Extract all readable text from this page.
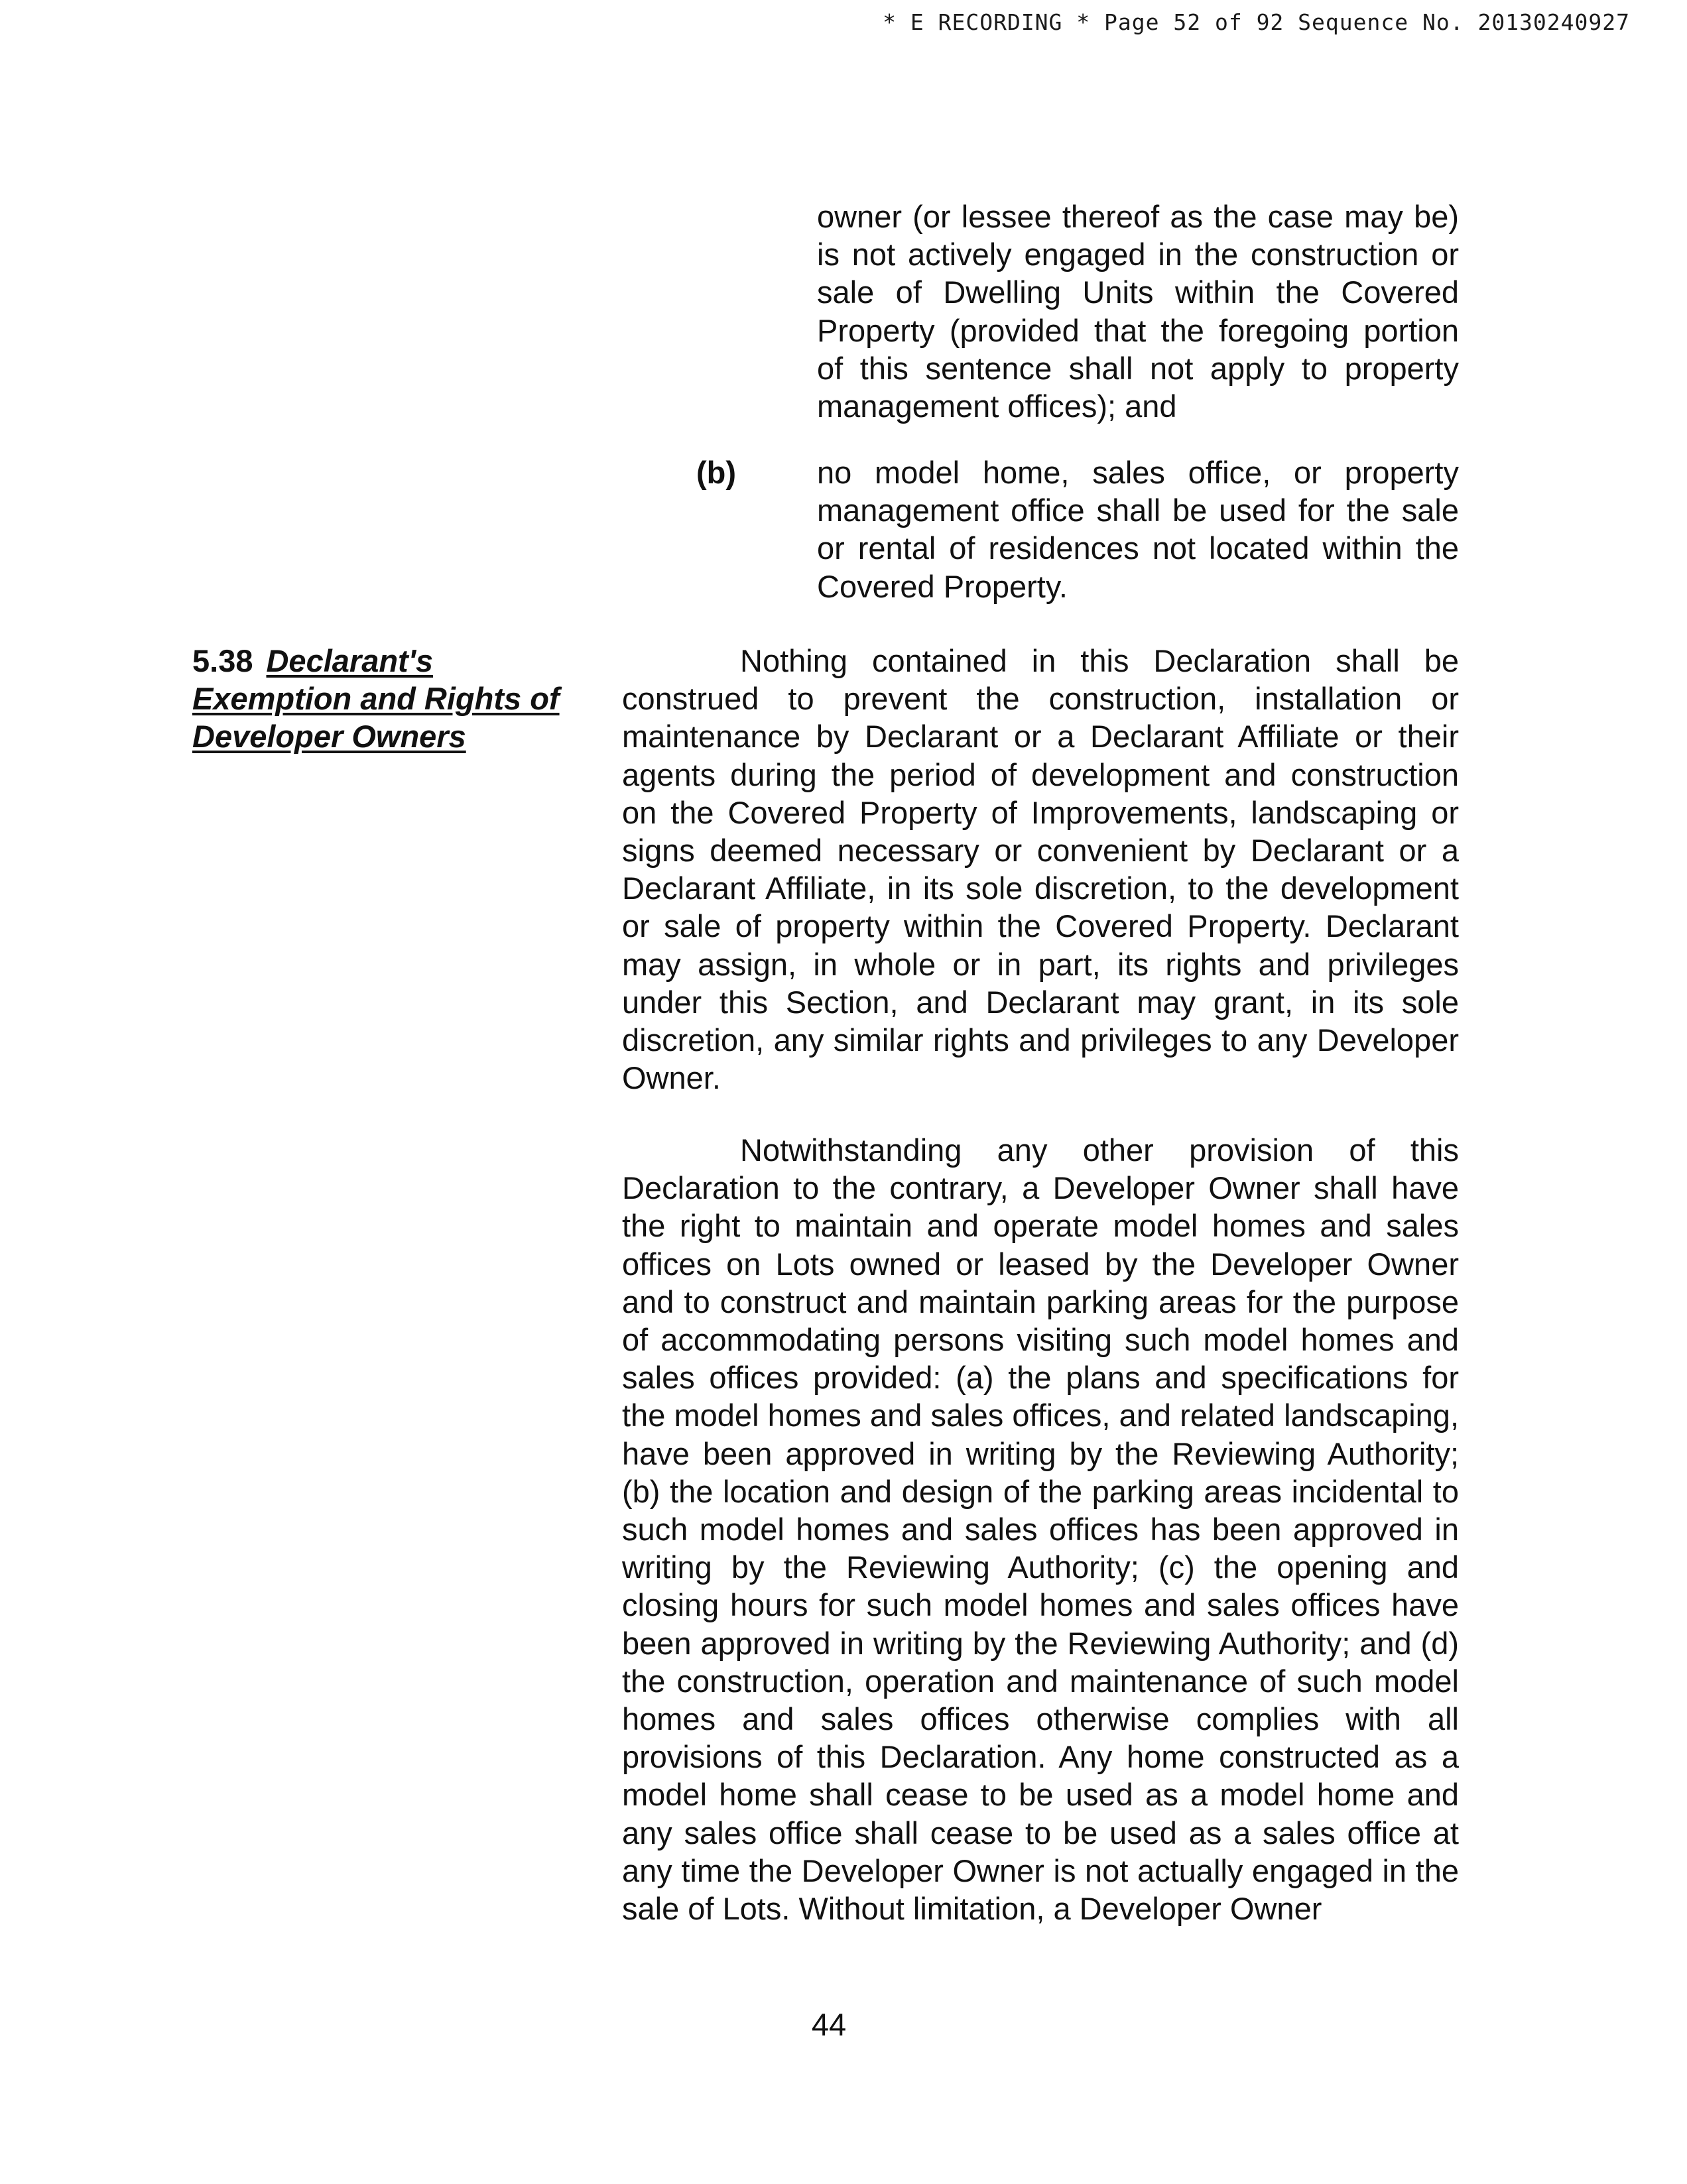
* E RECORDING * Page 52 of 92 Sequence No. 20130240927
owner (or lessee thereof as the case may be) is not actively engaged in the construction or sale of Dwelling Units within the Covered Property (provided that the foregoing portion of this sentence shall not apply to property management offices); and
(b)	no model home, sales office, or property management office shall be used for the sale or rental of residences not located within the Covered Property.
5.38 Declarant's Exemption and Rights of Developer Owners
Nothing contained in this Declaration shall be construed to prevent the construction, installation or maintenance by Declarant or a Declarant Affiliate or their agents during the period of development and construction on the Covered Property of Improvements, landscaping or signs deemed necessary or convenient by Declarant or a Declarant Affiliate, in its sole discretion, to the development or sale of property within the Covered Property. Declarant may assign, in whole or in part, its rights and privileges under this Section, and Declarant may grant, in its sole discretion, any similar rights and privileges to any Developer Owner.
Notwithstanding any other provision of this Declaration to the contrary, a Developer Owner shall have the right to maintain and operate model homes and sales offices on Lots owned or leased by the Developer Owner and to construct and maintain parking areas for the purpose of accommodating persons visiting such model homes and sales offices provided: (a) the plans and specifications for the model homes and sales offices, and related landscaping, have been approved in writing by the Reviewing Authority; (b) the location and design of the parking areas incidental to such model homes and sales offices has been approved in writing by the Reviewing Authority; (c) the opening and closing hours for such model homes and sales offices have been approved in writing by the Reviewing Authority; and (d) the construction, operation and maintenance of such model homes and sales offices otherwise complies with all provisions of this Declaration. Any home constructed as a model home shall cease to be used as a model home and any sales office shall cease to be used as a sales office at any time the Developer Owner is not actually engaged in the sale of Lots. Without limitation, a Developer Owner
44
